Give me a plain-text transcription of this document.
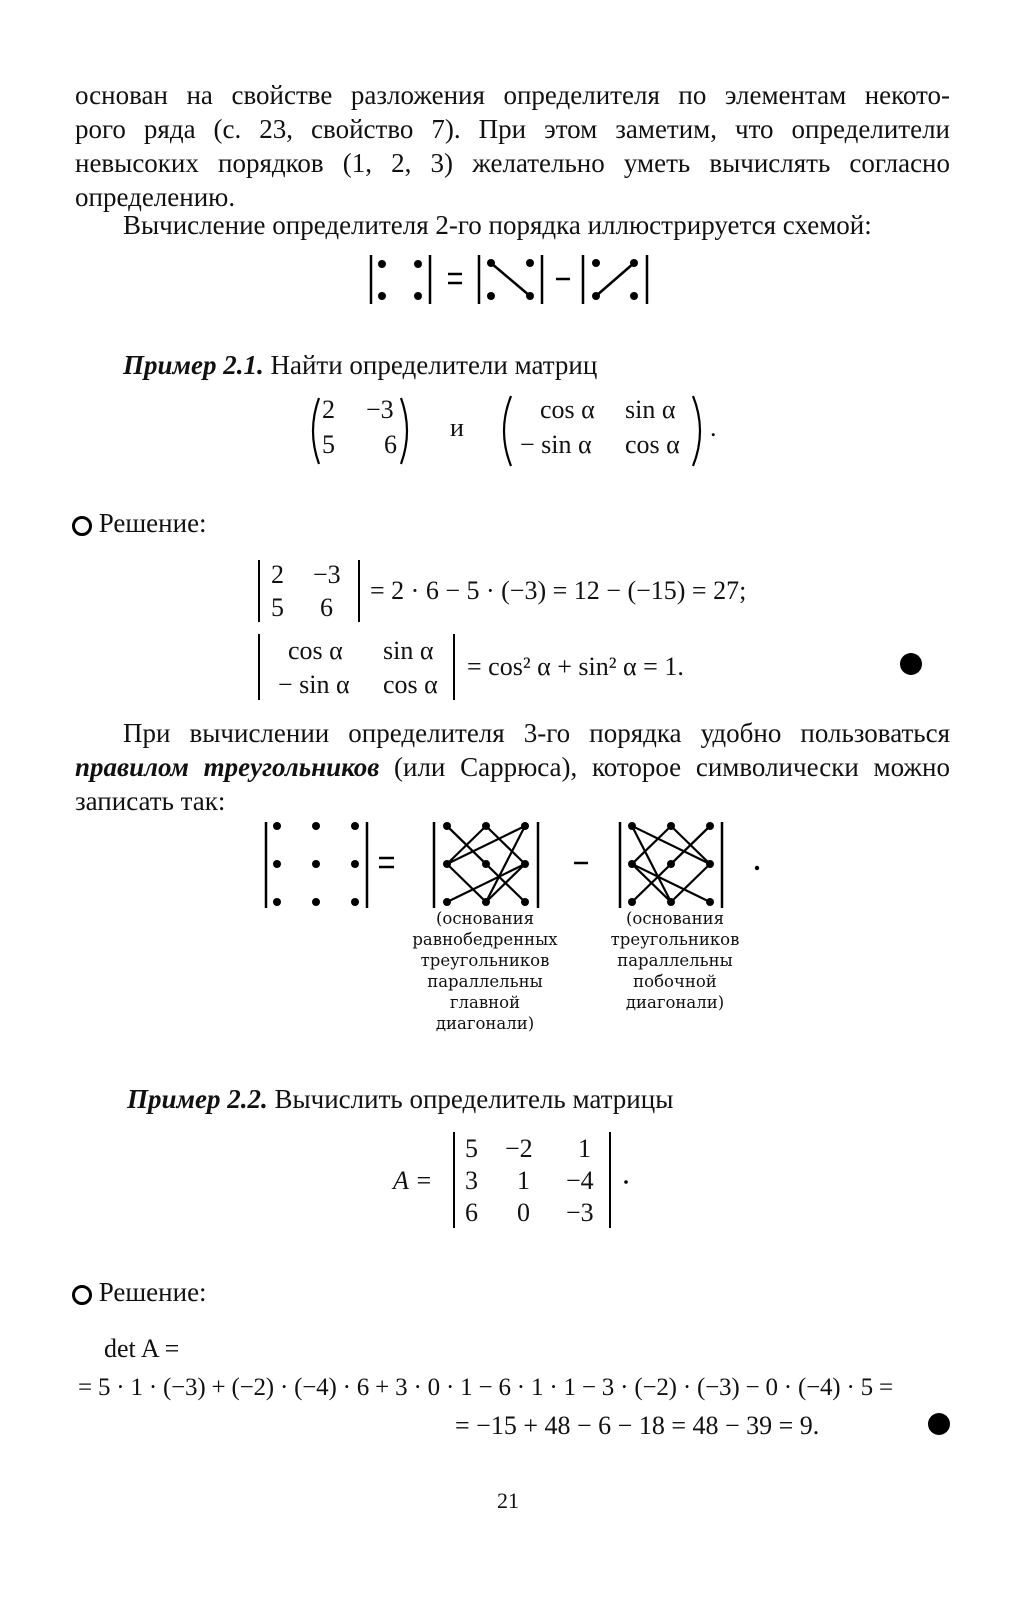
основан на свойстве разложения определителя по элементам некото-
рого ряда (с. 23, свойство 7). При этом заметим, что определители
невысоких порядков (1, 2, 3) желательно уметь вычислять согласно
определению.
Вычисление определителя 2-го порядка иллюстрируется схемой:
Пример 2.1. Найти определители матриц
2 −3
5 6
и
cos α sin α
− sin α cos α
.
Решение:
2 −3
5 6
= 2 · 6 − 5 · (−3) = 12 − (−15) = 27;
cos α sin α
− sin α cos α
= cos² α + sin² α = 1.
При вычислении определителя 3-го порядка удобно пользоваться
правилом треугольников (или Саррюса), которое символически можно
записать так:
(основания
равнобедренных
треугольников
параллельны
главной
диагонали)
(основания
треугольников
параллельны
побочной
диагонали)
Пример 2.2. Вычислить определитель матрицы
A =
5 −2 1
3 1 −4
6 0 −3
Решение:
det A =
= 5 · 1 · (−3) + (−2) · (−4) · 6 + 3 · 0 · 1 − 6 · 1 · 1 − 3 · (−2) · (−3) − 0 · (−4) · 5 =
= −15 + 48 − 6 − 18 = 48 − 39 = 9.
21
